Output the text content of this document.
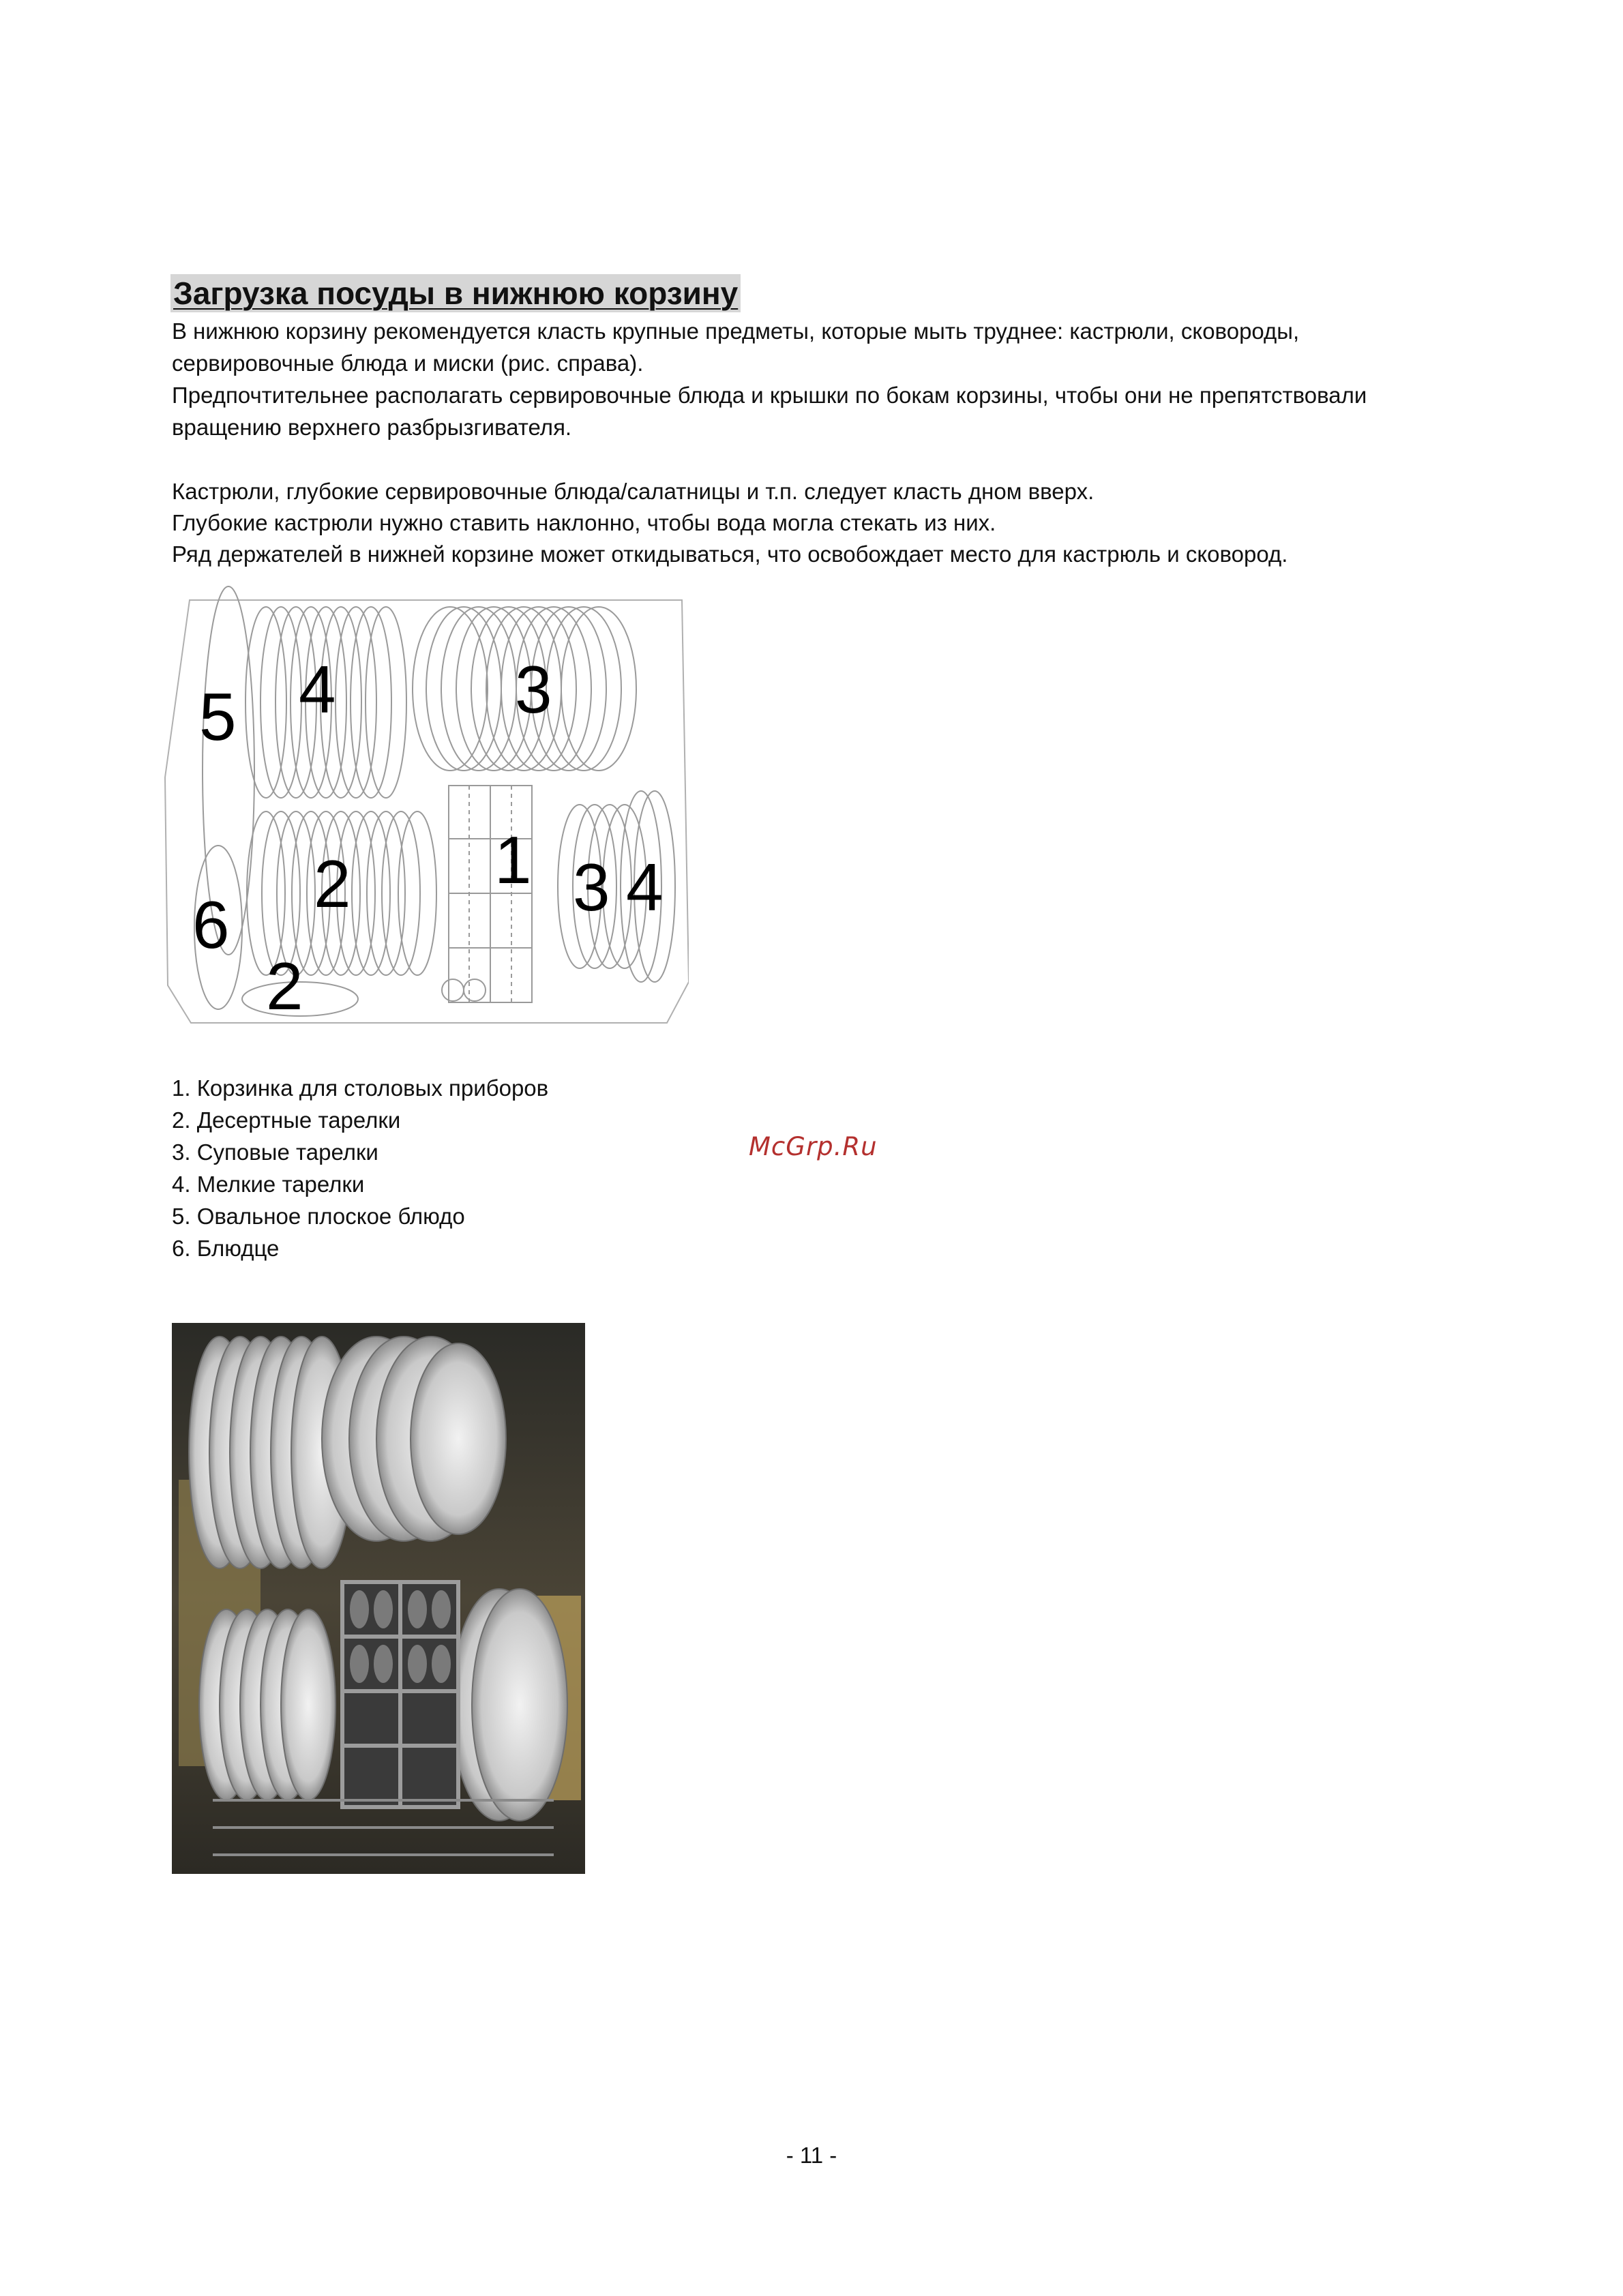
Загрузка посуды в нижнюю корзину

В нижнюю корзину рекомендуется класть крупные предметы, которые мыть труднее: кастрюли, сковороды, сервировочные блюда и миски (рис. справа).

Предпочтительнее располагать сервировочные блюда и крышки по бокам корзины, чтобы они не препятствовали вращению верхнего разбрызгивателя.

Кастрюли, глубокие сервировочные блюда/салатницы и т.п. следует класть дном вверх.

Глубокие кастрюли нужно ставить наклонно, чтобы вода могла стекать из них.

Ряд держателей в нижней корзине может откидываться, что освобождает место для кастрюль и сковород.

5 4	3
1
2	3 4
6
2
1. Корзинка для столовых приборов
2. Десертные тарелки
3. Суповые тарелки
4. Мелкие тарелки
5. Овальное плоское блюдо
6. Блюдце
McGrp.Ru
- 11 -
